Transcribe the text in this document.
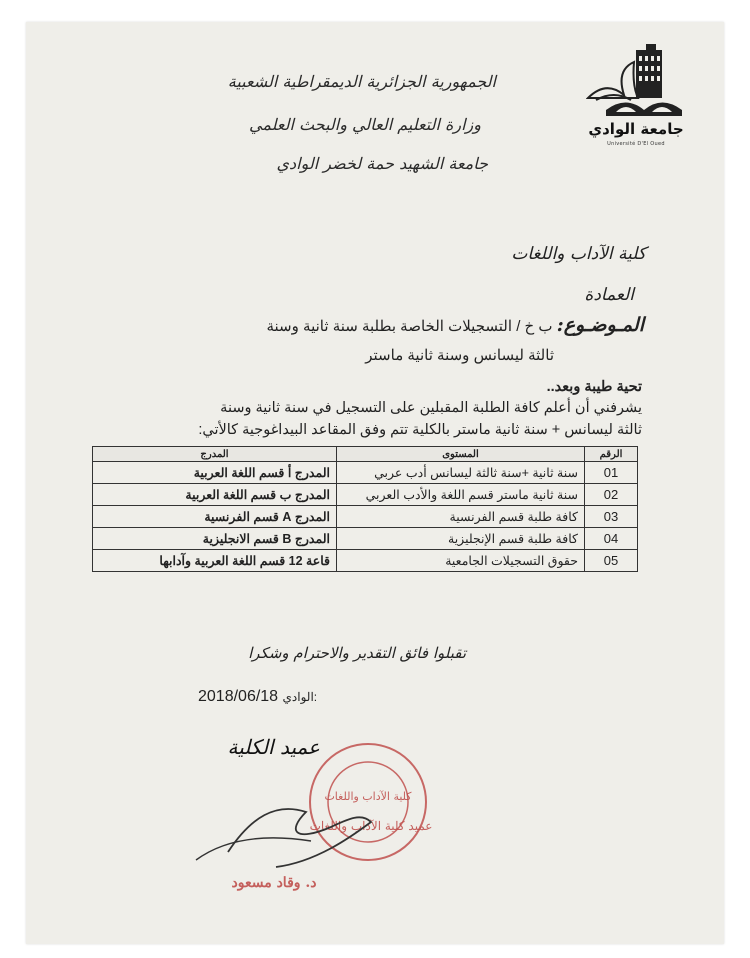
جامعة الوادي
Université D'El Oued
الجمهورية الجزائرية الديمقراطية الشعبية
وزارة التعليم العالي والبحث العلمي
جامعة الشهيد حمة لخضر الوادي
كلية الآداب واللغات
العمادة
المـوضـوع: ب خ / التسجيلات الخاصة بطلبة سنة ثانية وسنة
ثالثة ليسانس وسنة ثانية ماستر
تحية طيبة وبعد..
يشرفني أن أعلم كافة الطلبة المقبلين على التسجيل في سنة ثانية وسنة
ثالثة ليسانس + سنة ثانية ماستر بالكلية تتم وفق المقاعد البيداغوجية كالأتي:
تقبلوا فائق التقدير والاحترام وشكرا
2018/06/18 الوادي:
عميد الكلية
كلية الآداب واللغات
عميد كلية الآداب واللغات
د. وقاد مسعود
الرقم	المستوى	المدرج
01	سنة ثانية +سنة ثالثة ليسانس أدب عربي	المدرج أ قسم اللغة العربية
02	سنة ثانية ماستر قسم اللغة والأدب العربي	المدرج ب قسم اللغة العربية
03	كافة طلبة قسم الفرنسية	المدرج A قسم الفرنسية
04	كافة طلبة قسم الإنجليزية	المدرج B قسم الانجليزية
05	حقوق التسجيلات الجامعية	قاعة 12 قسم اللغة العربية وآدابها
